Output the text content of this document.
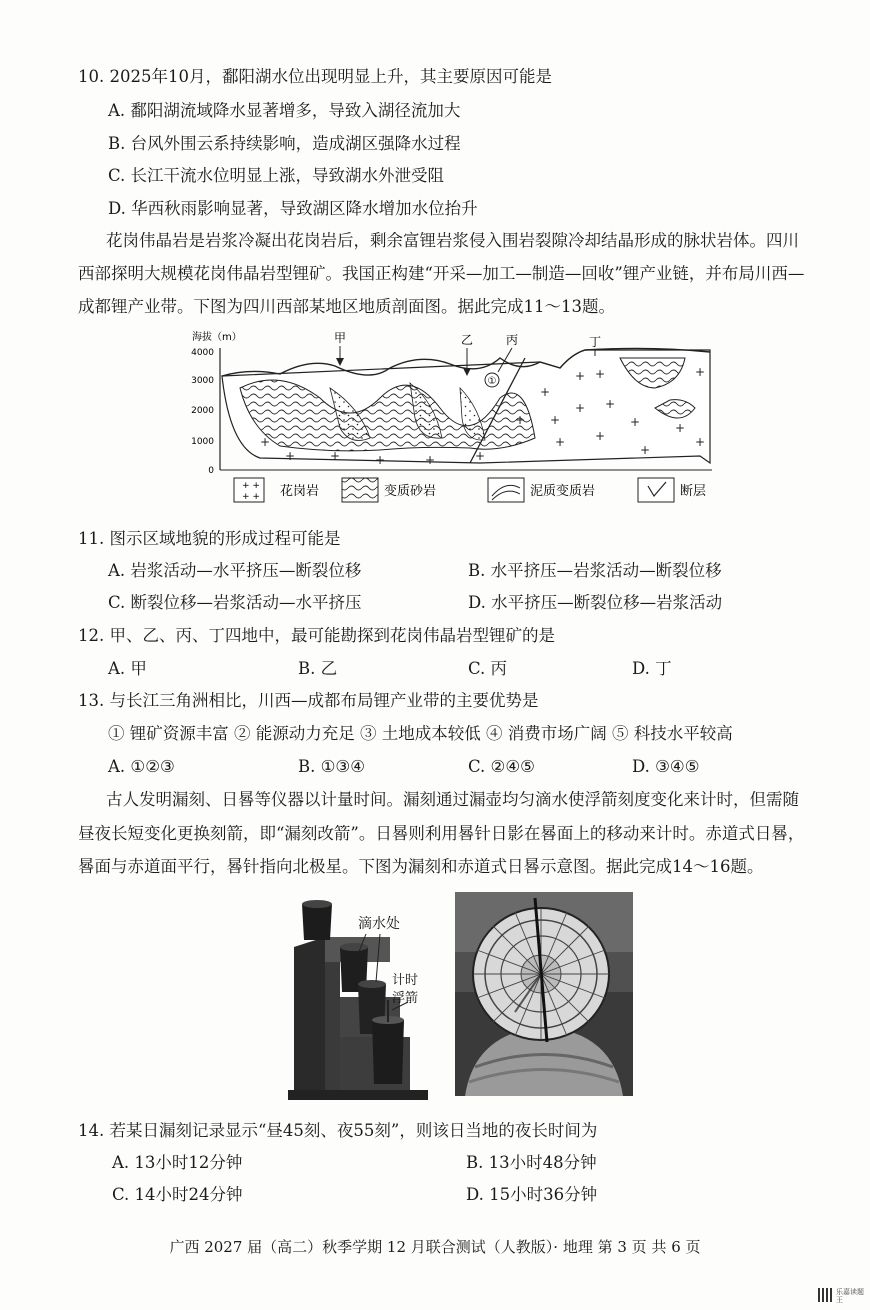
10. 2025年10月，鄱阳湖水位出现明显上升，其主要原因可能是
A. 鄱阳湖流域降水显著增多，导致入湖径流加大
B. 台风外围云系持续影响，造成湖区强降水过程
C. 长江干流水位明显上涨，导致湖水外泄受阻
D. 华西秋雨影响显著，导致湖区降水增加水位抬升
花岗伟晶岩是岩浆冷凝出花岗岩后，剩余富锂岩浆侵入围岩裂隙冷却结晶形成的脉状岩体。四川
西部探明大规模花岗伟晶岩型锂矿。我国正构建“开采—加工—制造—回收”锂产业链，并布局川西—
成都锂产业带。下图为四川西部某地区地质剖面图。据此完成11～13题。
海拔（m）
4000
3000
2000
1000
0
+
+	+	+	+	+
+ +
+
+ +
+
+
+	+
+	+
+
+
+
甲	乙	丙	丁
①
+ +
+ + 花岗岩	变质砂岩	泥质变质岩	断层
11. 图示区域地貌的形成过程可能是
A. 岩浆活动—水平挤压—断裂位移	B. 水平挤压—岩浆活动—断裂位移
C. 断裂位移—岩浆活动—水平挤压	D. 水平挤压—断裂位移—岩浆活动
12. 甲、乙、丙、丁四地中，最可能勘探到花岗伟晶岩型锂矿的是
A. 甲	B. 乙	C. 丙	D. 丁
13. 与长江三角洲相比，川西—成都布局锂产业带的主要优势是
① 锂矿资源丰富 ② 能源动力充足 ③ 土地成本较低 ④ 消费市场广阔 ⑤ 科技水平较高
A. ①②③	B. ①③④	C. ②④⑤	D. ③④⑤
古人发明漏刻、日晷等仪器以计量时间。漏刻通过漏壶均匀滴水使浮箭刻度变化来计时，但需随
昼夜长短变化更换刻箭，即“漏刻改箭”。日晷则利用晷针日影在晷面上的移动来计时。赤道式日晷，
晷面与赤道面平行，晷针指向北极星。下图为漏刻和赤道式日晷示意图。据此完成14～16题。
滴水处
计时
浮箭
14. 若某日漏刻记录显示“昼45刻、夜55刻”，则该日当地的夜长时间为
A. 13小时12分钟	B. 13小时48分钟
C. 14小时24分钟	D. 15小时36分钟
广西 2027 届（高二）秋季学期 12 月联合测试（人教版）· 地理 第 3 页 共 6 页
乐嘉读题王
